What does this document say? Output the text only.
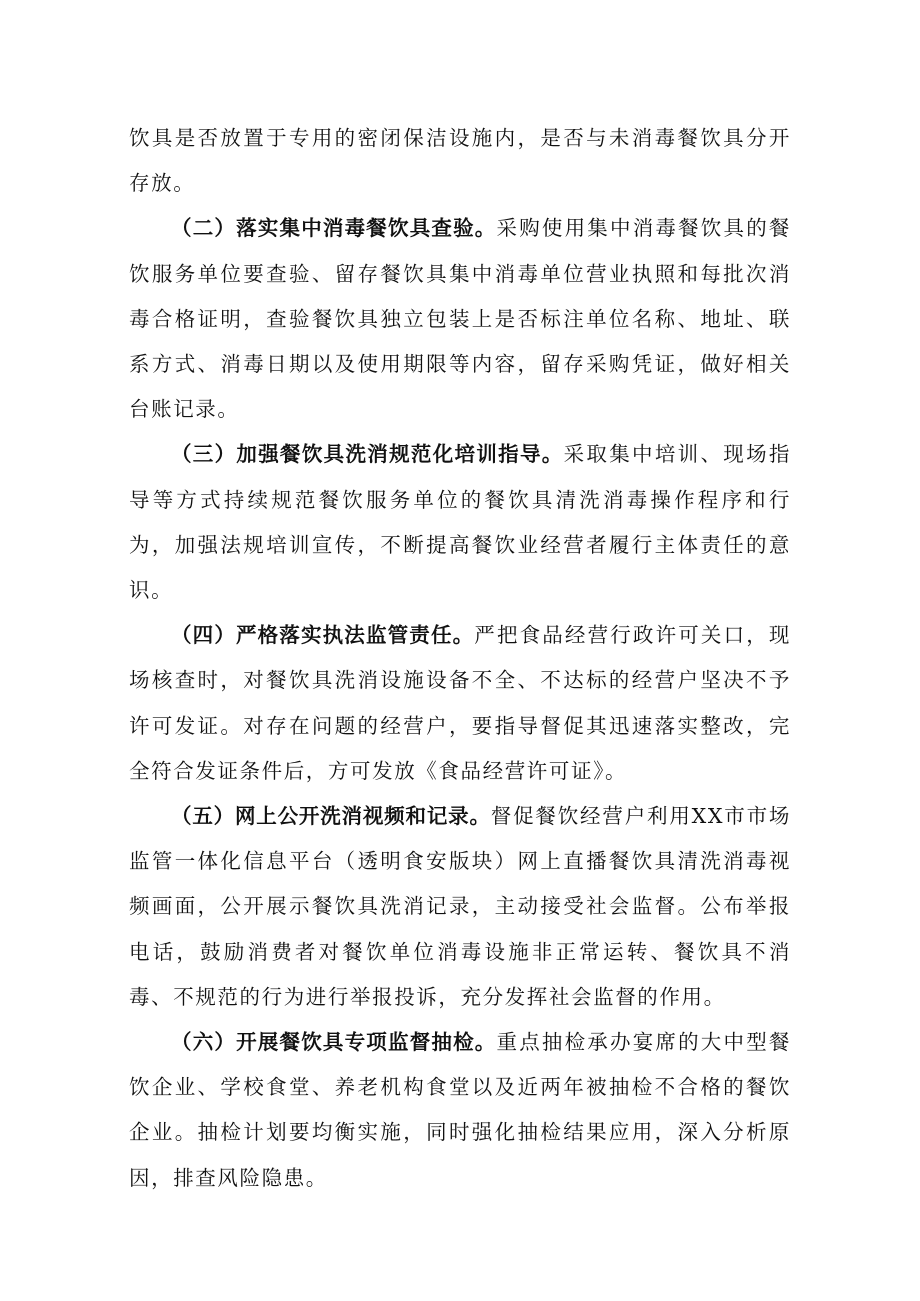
饮具是否放置于专用的密闭保洁设施内，是否与未消毒餐饮具分开存放。

（二）落实集中消毒餐饮具查验。采购使用集中消毒餐饮具的餐饮服务单位要查验、留存餐饮具集中消毒单位营业执照和每批次消毒合格证明，查验餐饮具独立包装上是否标注单位名称、地址、联系方式、消毒日期以及使用期限等内容，留存采购凭证，做好相关台账记录。

（三）加强餐饮具洗消规范化培训指导。采取集中培训、现场指导等方式持续规范餐饮服务单位的餐饮具清洗消毒操作程序和行为，加强法规培训宣传，不断提高餐饮业经营者履行主体责任的意识。

（四）严格落实执法监管责任。严把食品经营行政许可关口，现场核查时，对餐饮具洗消设施设备不全、不达标的经营户坚决不予许可发证。对存在问题的经营户，要指导督促其迅速落实整改，完全符合发证条件后，方可发放《食品经营许可证》。

（五）网上公开洗消视频和记录。督促餐饮经营户利用XX市市场监管一体化信息平台（透明食安版块）网上直播餐饮具清洗消毒视频画面，公开展示餐饮具洗消记录，主动接受社会监督。公布举报电话，鼓励消费者对餐饮单位消毒设施非正常运转、餐饮具不消毒、不规范的行为进行举报投诉，充分发挥社会监督的作用。

（六）开展餐饮具专项监督抽检。重点抽检承办宴席的大中型餐饮企业、学校食堂、养老机构食堂以及近两年被抽检不合格的餐饮企业。抽检计划要均衡实施，同时强化抽检结果应用，深入分析原因，排查风险隐患。
